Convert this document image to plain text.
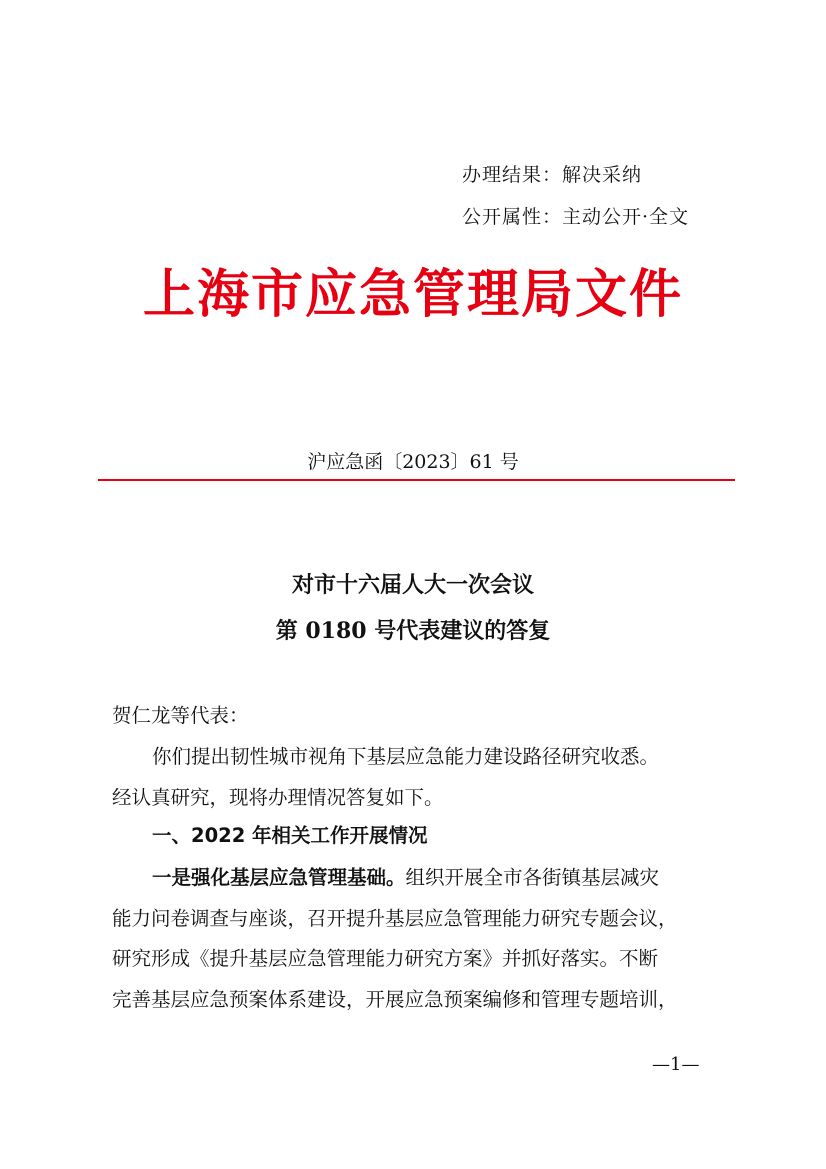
办理结果：解决采纳
公开属性：主动公开·全文
上海市应急管理局文件
沪应急函〔2023〕61 号
对市十六届人大一次会议
第 0180 号代表建议的答复
贺仁龙等代表：
你们提出韧性城市视角下基层应急能力建设路径研究收悉。
经认真研究，现将办理情况答复如下。
一、2022 年相关工作开展情况
一是强化基层应急管理基础。组织开展全市各街镇基层减灾
能力问卷调查与座谈，召开提升基层应急管理能力研究专题会议，
研究形成《提升基层应急管理能力研究方案》并抓好落实。不断
完善基层应急预案体系建设，开展应急预案编修和管理专题培训，
—1—
